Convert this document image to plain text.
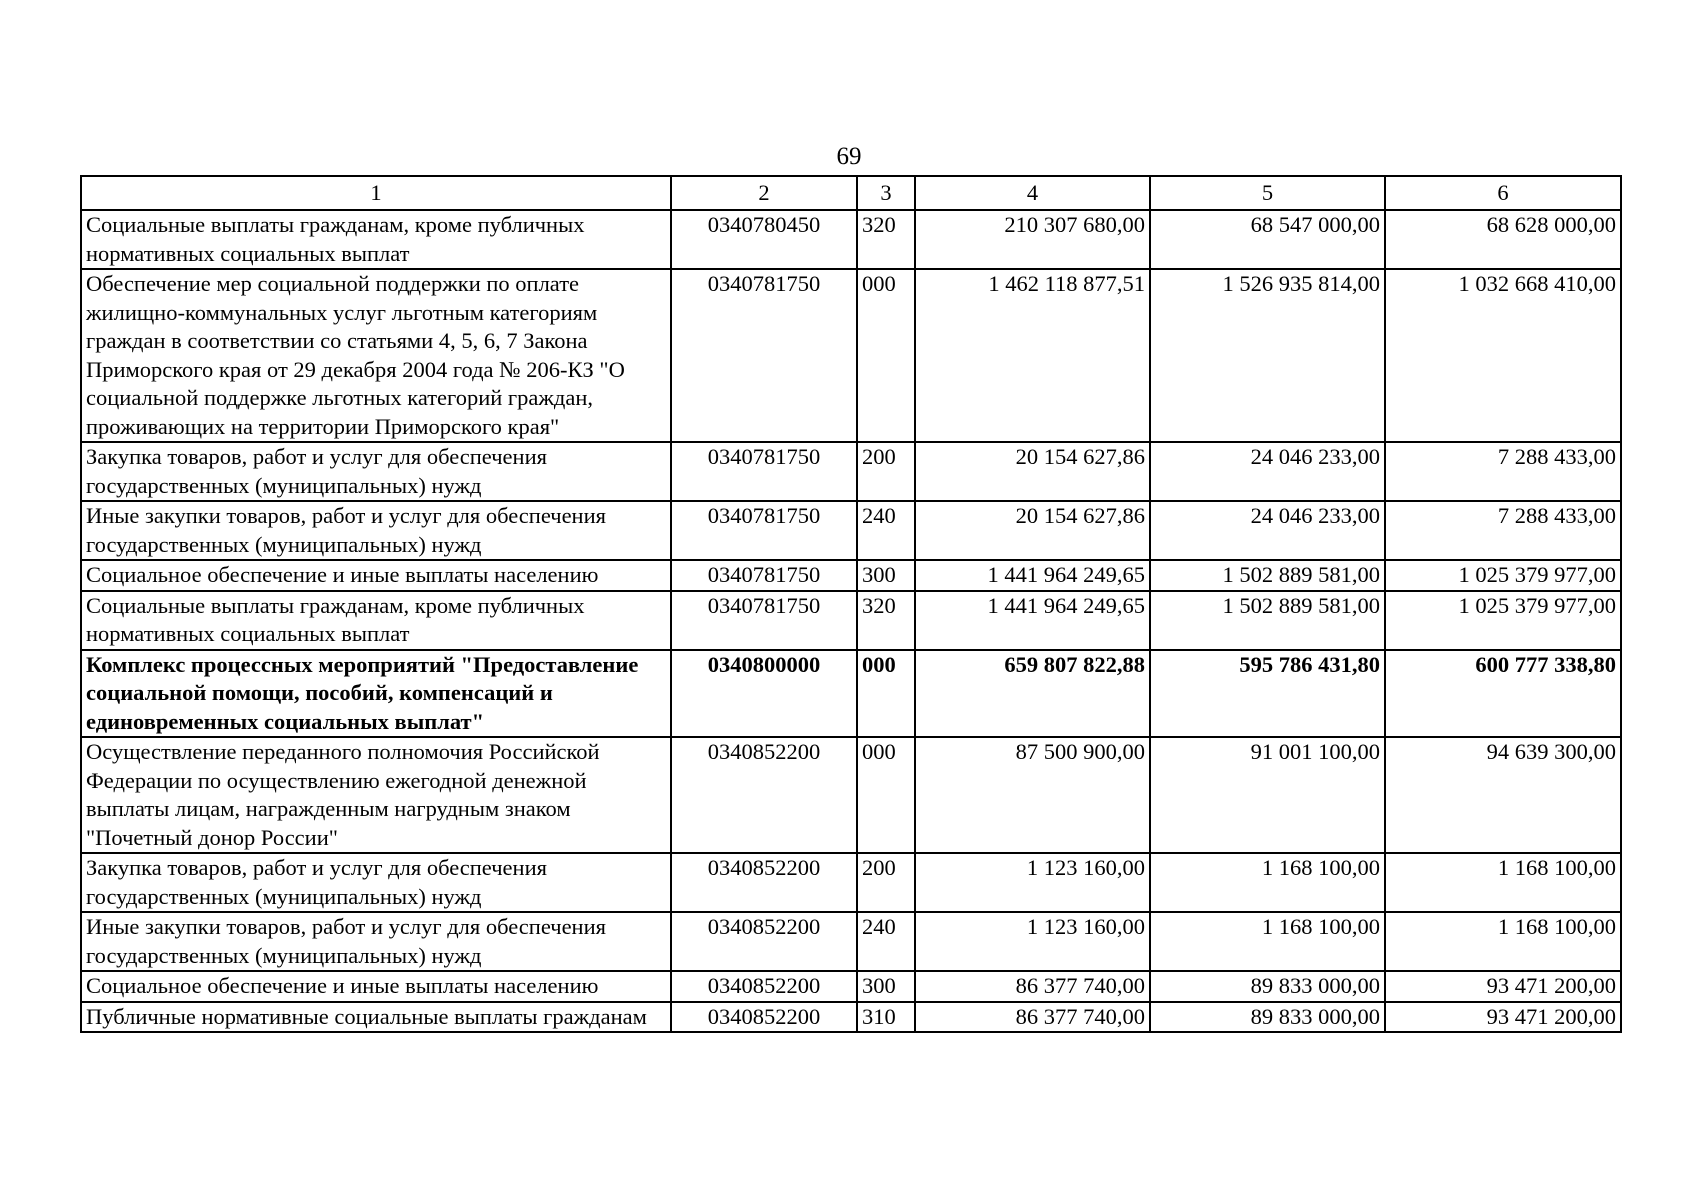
69
1	2	3	4	5	6
Социальные выплаты гражданам, кроме публичных нормативных социальных выплат	0340780450	320	210 307 680,00	68 547 000,00	68 628 000,00
Обеспечение мер социальной поддержки по оплате жилищно-коммунальных услуг льготным категориям граждан в соответствии со статьями 4, 5, 6, 7 Закона Приморского края от 29 декабря 2004 года № 206-КЗ "О социальной поддержке льготных категорий граждан, проживающих на территории Приморского края"	0340781750	000	1 462 118 877,51	1 526 935 814,00	1 032 668 410,00
Закупка товаров, работ и услуг для обеспечения государственных (муниципальных) нужд	0340781750	200	20 154 627,86	24 046 233,00	7 288 433,00
Иные закупки товаров, работ и услуг для обеспечения государственных (муниципальных) нужд	0340781750	240	20 154 627,86	24 046 233,00	7 288 433,00
Социальное обеспечение и иные выплаты населению	0340781750	300	1 441 964 249,65	1 502 889 581,00	1 025 379 977,00
Социальные выплаты гражданам, кроме публичных нормативных социальных выплат	0340781750	320	1 441 964 249,65	1 502 889 581,00	1 025 379 977,00
Комплекс процессных мероприятий "Предоставление социальной помощи, пособий, компенсаций и единовременных социальных выплат"	0340800000	000	659 807 822,88	595 786 431,80	600 777 338,80
Осуществление переданного полномочия Российской Федерации по осуществлению ежегодной денежной выплаты лицам, награжденным нагрудным знаком "Почетный донор России"	0340852200	000	87 500 900,00	91 001 100,00	94 639 300,00
Закупка товаров, работ и услуг для обеспечения государственных (муниципальных) нужд	0340852200	200	1 123 160,00	1 168 100,00	1 168 100,00
Иные закупки товаров, работ и услуг для обеспечения государственных (муниципальных) нужд	0340852200	240	1 123 160,00	1 168 100,00	1 168 100,00
Социальное обеспечение и иные выплаты населению	0340852200	300	86 377 740,00	89 833 000,00	93 471 200,00
Публичные нормативные социальные выплаты гражданам	0340852200	310	86 377 740,00	89 833 000,00	93 471 200,00
